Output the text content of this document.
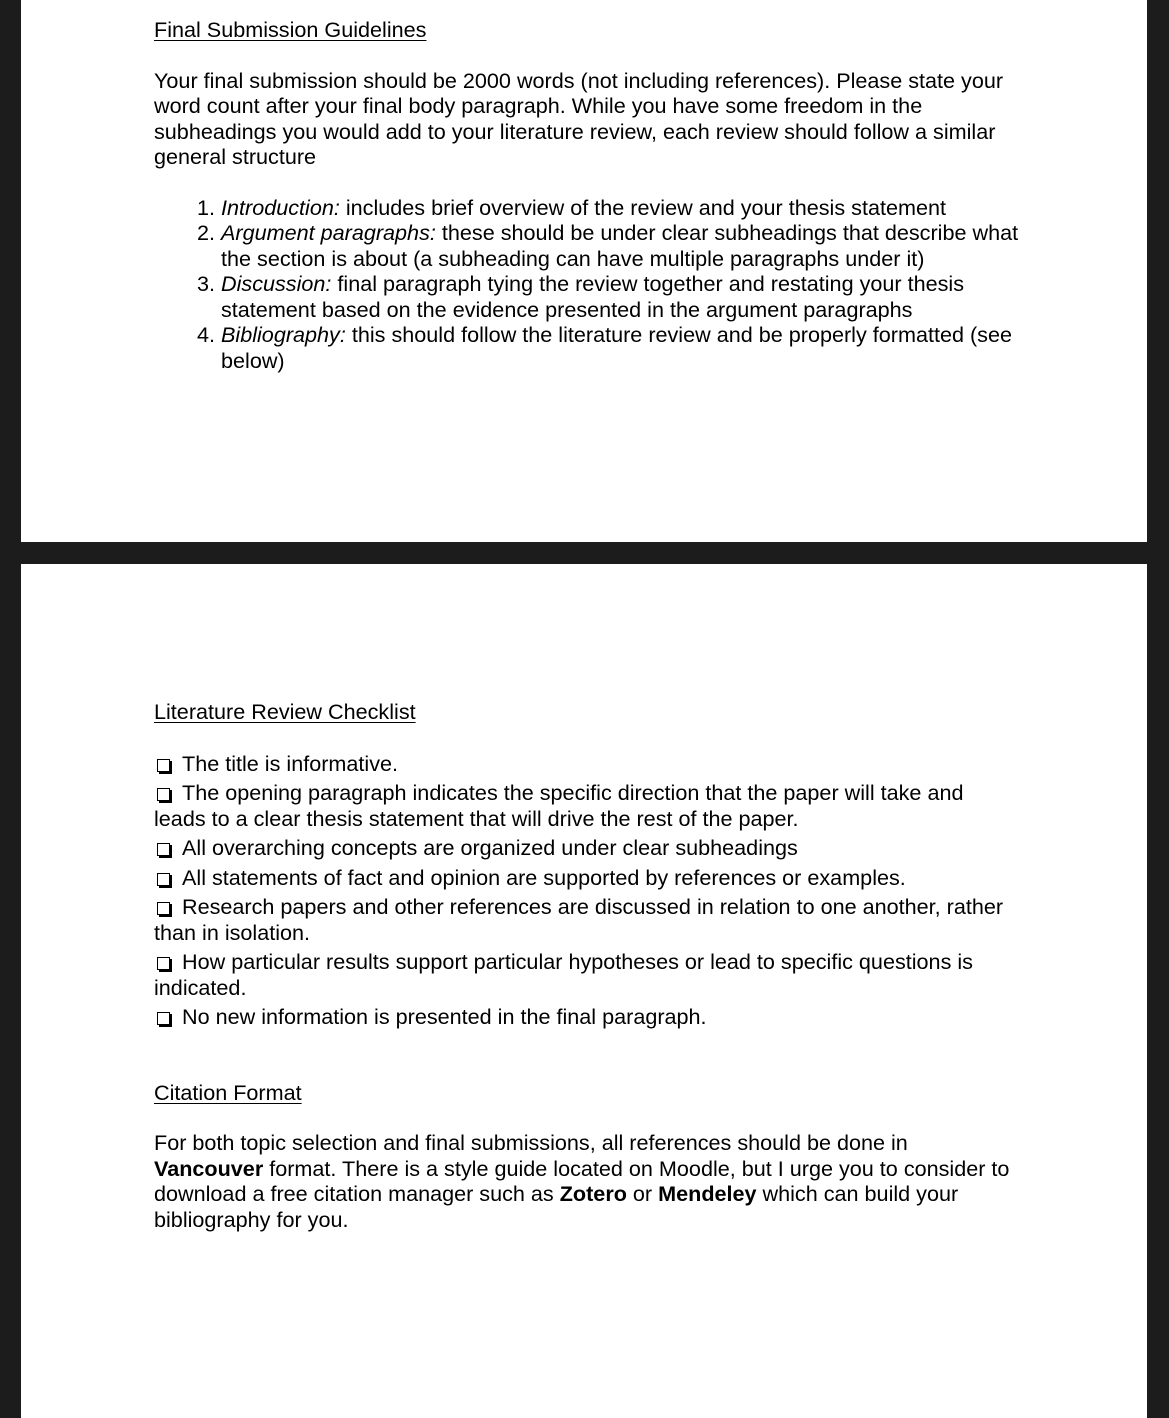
Final Submission Guidelines

Your final submission should be 2000 words (not including references). Please state your word count after your final body paragraph. While you have some freedom in the subheadings you would add to your literature review, each review should follow a similar general structure

1. Introduction: includes brief overview of the review and your thesis statement
2. Argument paragraphs: these should be under clear subheadings that describe what the section is about (a subheading can have multiple paragraphs under it)
3. Discussion: final paragraph tying the review together and restating your thesis statement based on the evidence presented in the argument paragraphs
4. Bibliography: this should follow the literature review and be properly formatted (see below)

Literature Review Checklist

The title is informative.
The opening paragraph indicates the specific direction that the paper will take and leads to a clear thesis statement that will drive the rest of the paper.
All overarching concepts are organized under clear subheadings
All statements of fact and opinion are supported by references or examples.
Research papers and other references are discussed in relation to one another, rather than in isolation.
How particular results support particular hypotheses or lead to specific questions is indicated.
No new information is presented in the final paragraph.

Citation Format

For both topic selection and final submissions, all references should be done in Vancouver format. There is a style guide located on Moodle, but I urge you to consider to download a free citation manager such as Zotero or Mendeley which can build your bibliography for you.
